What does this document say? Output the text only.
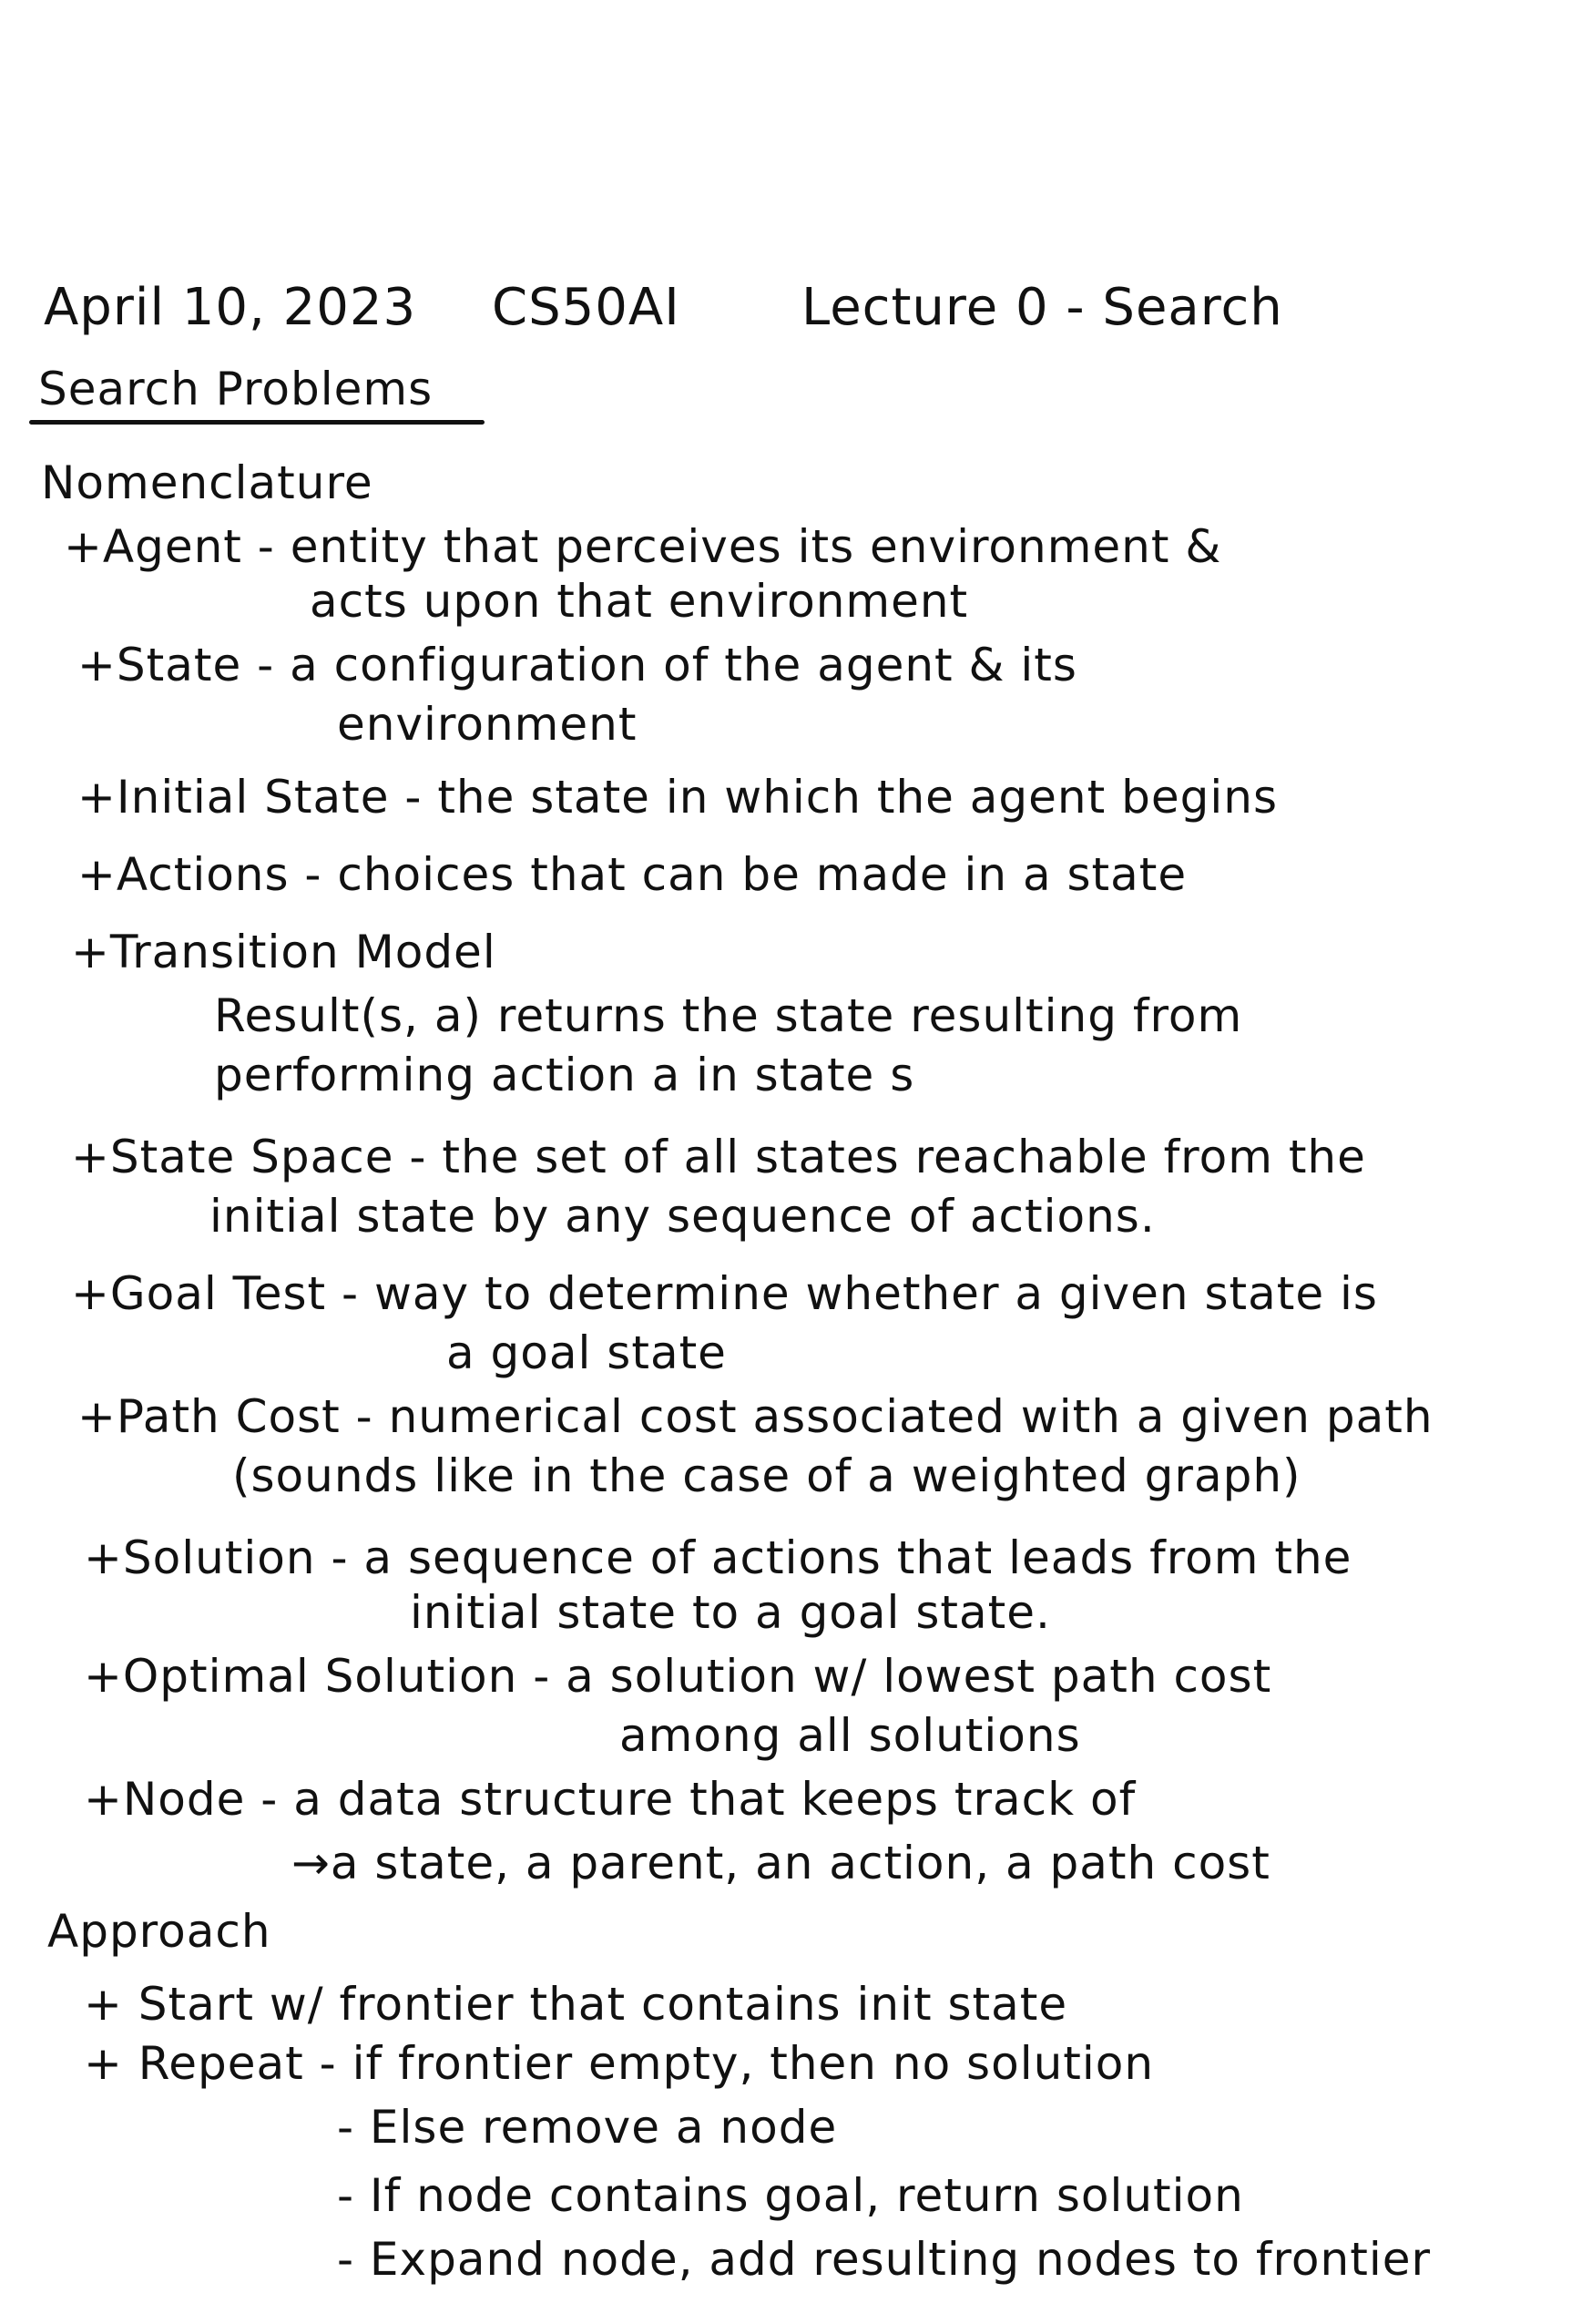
April 10, 2023 CS50AI Lecture 0 - Search
Search Problems
Nomenclature
+Agent - entity that perceives its environment &
acts upon that environment
+State - a configuration of the agent & its
environment
+Initial State - the state in which the agent begins
+Actions - choices that can be made in a state
+Transition Model
Result(s, a) returns the state resulting from
performing action a in state s
+State Space - the set of all states reachable from the
initial state by any sequence of actions.
+Goal Test - way to determine whether a given state is
a goal state
+Path Cost - numerical cost associated with a given path
(sounds like in the case of a weighted graph)
+Solution - a sequence of actions that leads from the
initial state to a goal state.
+Optimal Solution - a solution w/ lowest path cost
among all solutions
+Node - a data structure that keeps track of
→a state, a parent, an action, a path cost
Approach
+ Start w/ frontier that contains init state
+ Repeat - if frontier empty, then no solution
- Else remove a node
- If node contains goal, return solution
- Expand node, add resulting nodes to frontier
